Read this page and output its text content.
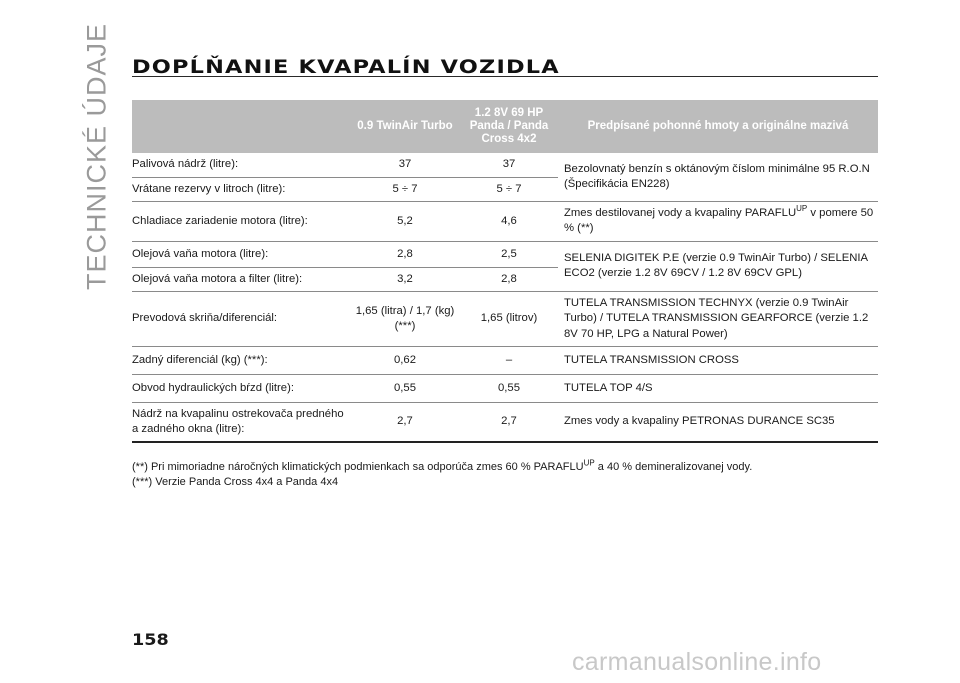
TECHNICKÉ ÚDAJE DOPĹŇANIE KVAPALÍN VOZIDLA
	0.9 TwinAir Turbo	1.2 8V 69 HP Panda / Panda Cross 4x2	Predpísané pohonné hmoty a originálne mazivá
Palivová nádrž (litre):	37	37	Bezolovnatý benzín s oktánovým číslom minimálne 95 R.O.N (Špecifikácia EN228)
Vrátane rezervy v litroch (litre):	5 ÷ 7	5 ÷ 7	
Chladiace zariadenie motora (litre):	5,2	4,6	Zmes destilovanej vody a kvapaliny $PARAFLU^{UP}$ v pomere 50 % (**)
Olejová vaňa motora (litre):	2,8	2,5	SELENIA DIGITEK P.E (verzie 0.9 TwinAir Turbo) / SELENIA ECO2 (verzie 1.2 8V 69CV / 1.2 8V 69CV GPL)
Olejová vaňa motora a filter (litre):	3,2	2,8	
Prevodová skriňa/diferenciál:	1,65 (litra) / 1,7 (kg) (***)	1,65 (litrov)	TUTELA TRANSMISSION TECHNYX (verzie 0.9 TwinAir Turbo) / TUTELA TRANSMISSION GEARFORCE (verzie 1.2 8V 70 HP, LPG a Natural Power)
Zadný diferenciál (kg) (***):	0,62	–	TUTELA TRANSMISSION CROSS
Obvod hydraulických bŕzd (litre):	0,55	0,55	TUTELA TOP 4/S
Nádrž na kvapalinu ostrekovača predného a zadného okna (litre):	2,7	2,7	Zmes vody a kvapaliny PETRONAS DURANCE SC35
(**) Pri mimoriadne náročných klimatických podmienkach sa odporúča zmes 60 % $PARAFLU^{UP}$ a 40 % demineralizovanej vody.
(***) Verzie Panda Cross 4x4 a Panda 4x4
158
carmanualsonline.info
